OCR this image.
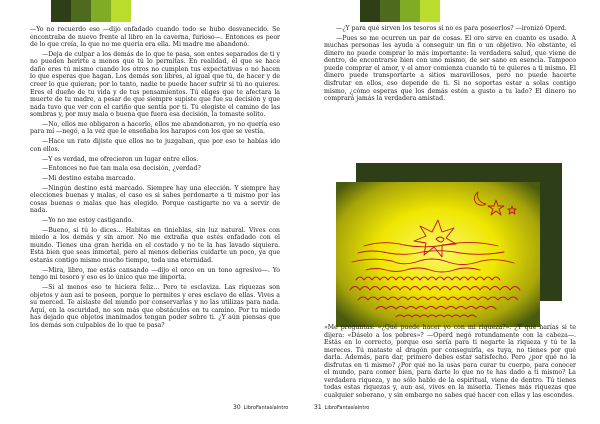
—Yo no recuerdo eso —dijo enfadado cuando todo se hubo desvanecido. Se encontraba de nuevo frente al libro en la caverna, furioso—. Entonces es peor de lo que creía, la que no me quería era ella. Mi madre me abandonó.

—Deja de culpar a los demás de lo que te pasa, son entes separados de ti y no pueden herirte a menos que tú lo permitas. En realidad, el que se hace daño eres tú mismo cuando los otros no cumplen tus expectativas o no hacen lo que esperas que hagan. Los demás son libres, al igual que tú, de hacer y de creer lo que quieran; por lo tanto, nadie te puede hacer sufrir si tú no quieres. Eres el dueño de tu vida y de tus pensamientos. Tú eliges que te afectara la muerte de tu madre, a pesar de que siempre supiste que fue su decisión y que nada tuvo que ver con el cariño que sentía por ti. Tú elegiste el camino de las sombras y, por muy mala o buena que fuera esa decisión, la tomaste solito.

—No, ellos me obligaron a hacerlo, ellos me abandonaron, yo no quería eso para mí —negó, a la vez que le enseñaba los harapos con los que se vestía.

—Hace un rato dijiste que ellos no te juzgaban, que por eso te habías ido con ellos.

—Y es verdad, me ofrecieron un lugar entre ellos.

—Entonces no fue tan mala esa decisión, ¿verdad?

—Mi destino estaba marcado.

—Ningún destino está marcado. Siempre hay una elección. Y siempre hay elecciones buenas y malas, el caso es si sabes perdonarte a ti mismo por las cosas buenas o malas que has elegido. Porque castigarte no va a servir de nada.

—Yo no me estoy castigando.

—Bueno, si tú lo dices… Habitas en tinieblas, sin luz natural. Vives con miedo a los demás y sin amor. No me extraña que estés enfadado con el mundo. Tienes una gran herida en el costado y no te la has lavado siquiera. Está bien que seas inmortal, pero al menos deberías cuidarte un poco, ya que estarás contigo mismo mucho tiempo, toda una eternidad.

—Mira, libro, me estás cansando —dijo el orco en un tono agresivo—. Yo tengo mi tesoro y eso es lo único que me importa.

—Si al menos eso te hiciera feliz… Pero te esclaviza. Las riquezas son objetos y aun así te poseen, porque lo permites y eres esclavo de ellas. Vives a su merced. Te aíslaste del mundo por conservarlas y no las utilizas para nada. Aquí, en la oscuridad, no son más que obstáculos en tu camino. Por tu miedo has dejado que objetos inanimados tengan poder sobre ti. ¿Y aún piensas que los demás son culpables de lo que te pasa?

30 LibroFantasíaIntro

—¿Y para qué sirven los tesoros si no es para poseerlos? —ironizó Operd.

—Pues se me ocurren un par de cosas. El oro sirve en cuanto es usado. A muchas personas les ayuda a conseguir un fin o un objetivo. No obstante, el dinero no puede comprar lo más importante: la verdadera salud, que viene de dentro, de encontrarse bien con uno mismo, de ser sano en esencia. Tampoco puede comprar el amor, y el amor comienza cuando tú te quieres a ti mismo. El dinero puede transportarte a sitios maravillosos, pero no puede hacerte disfrutar en ellos, eso depende de ti. Si no soportas estar a solas contigo mismo, ¿cómo esperas que los demás estén a gusto a tu lado? El dinero no comprará jamás la verdadera amistad.

»Me preguntas: «¿Qué puede hacer yo con mi riqueza?». ¿Y qué harías si te dijera: «Dáselo a los pobres»? —Operd negó rotundamente con la cabeza—. Estás en lo correcto, porque eso sería para ti negarte la riqueza y tú te la mereces. Tú mataste al dragón por conseguirla, es tuya, no tienes por qué darla. Además, para dar, primero debes estar satisfecho. Pero ¿por qué no la disfrutas en ti mismo? ¿Por qué no la usas para curar tu cuerpo, para conocer el mundo, para comer bien, para darte lo que no te has dado a ti mismo? La verdadera riqueza, y no sólo hablo de la espiritual, viene de dentro. Tú tienes todas estas riquezas y, aun así, vives en la miseria. Tienes más riquezas que cualquier soberano, y sin embargo no sabes qué hacer con ellas y las escondes.

31 LibroFantasíaIntro
